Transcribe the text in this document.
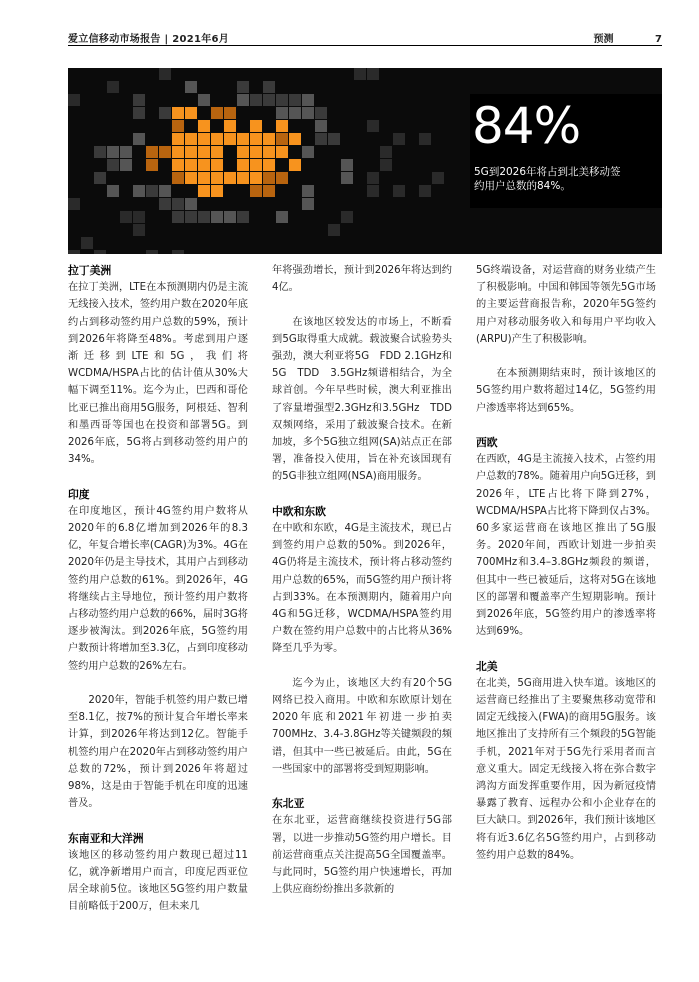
爱立信移动市场报告 | 2021年6月	预测	7
84%
5G到2026年将占到北美移动签约用户总数的84%。
拉丁美洲

在拉丁美洲，LTE在本预测期内仍是主流无线接入技术，签约用户数在2020年底约占到移动签约用户总数的59%，预计到2026年将降至48%。考虑到用户逐渐迁移到LTE和5G，我们将WCDMA/HSPA占比的估计值从30%大幅下调至11%。迄今为止，巴西和哥伦比亚已推出商用5G服务，阿根廷、智利和墨西哥等国也在投资和部署5G。到2026年底，5G将占到移动签约用户的34%。

印度

在印度地区，预计4G签约用户数将从2020年的6.8亿增加到2026年的8.3亿，年复合增长率(CAGR)为3%。4G在2020年仍是主导技术，其用户占到移动签约用户总数的61%。到2026年，4G将继续占主导地位，预计签约用户数将占移动签约用户总数的66%，届时3G将逐步被淘汰。到2026年底，5G签约用户数预计将增加至3.3亿，占到印度移动签约用户总数的26%左右。

2020年，智能手机签约用户数已增至8.1亿，按7%的预计复合年增长率来计算，到2026年将达到12亿。智能手机签约用户在2020年占到移动签约用户总数的72%，预计到2026年将超过98%，这是由于智能手机在印度的迅速普及。

东南亚和大洋洲

该地区的移动签约用户数现已超过11亿，就净新增用户而言，印度尼西亚位居全球前5位。该地区5G签约用户数量目前略低于200万，但未来几

年将强劲增长，预计到2026年将达到约4亿。

在该地区较发达的市场上，不断看到5G取得重大成就。载波聚合试验势头强劲，澳大利亚将5G　FDD 2.1GHz和5G　TDD　3.5GHz频谱相结合，为全球首创。今年早些时候，澳大利亚推出了容量增强型2.3GHz和3.5GHz　TDD双频网络，采用了载波聚合技术。在新加坡，多个5G独立组网(SA)站点正在部署，准备投入使用，旨在补充该国现有的5G非独立组网(NSA)商用服务。

中欧和东欧

在中欧和东欧，4G是主流技术，现已占到签约用户总数的50%。到2026年，4G仍将是主流技术，预计将占移动签约用户总数的65%，而5G签约用户预计将占到33%。在本预测期内，随着用户向4G和5G迁移，WCDMA/HSPA签约用户数在签约用户总数中的占比将从36%降至几乎为零。

迄今为止，该地区大约有20个5G网络已投入商用。中欧和东欧原计划在2020年底和2021年初进一步拍卖700MHz、3.4-3.8GHz等关键频段的频谱，但其中一些已被延后。由此，5G在一些国家中的部署将受到短期影响。

东北亚

在东北亚，运营商继续投资进行5G部署，以进一步推动5G签约用户增长。目前运营商重点关注提高5G全国覆盖率。与此同时，5G签约用户快速增长，再加上供应商纷纷推出多款新的

5G终端设备，对运营商的财务业绩产生了积极影响。中国和韩国等领先5G市场的主要运营商报告称，2020年5G签约用户对移动服务收入和每用户平均收入(ARPU)产生了积极影响。

在本预测期结束时，预计该地区的5G签约用户数将超过14亿，5G签约用户渗透率将达到65%。

西欧

在西欧，4G是主流接入技术，占签约用户总数的78%。随着用户向5G迁移，到2026年，LTE占比将下降到27%，WCDMA/HSPA占比将下降到仅占3%。60多家运营商在该地区推出了5G服务。2020年间，西欧计划进一步拍卖700MHz和3.4–3.8GHz频段的频谱，但其中一些已被延后，这将对5G在该地区的部署和覆盖率产生短期影响。预计到2026年底，5G签约用户的渗透率将达到69%。

北美

在北美，5G商用进入快车道。该地区的运营商已经推出了主要聚焦移动宽带和固定无线接入(FWA)的商用5G服务。该地区推出了支持所有三个频段的5G智能手机，2021年对于5G先行采用者而言意义重大。固定无线接入将在弥合数字鸿沟方面发挥重要作用，因为新冠疫情暴露了教育、远程办公和小企业存在的巨大缺口。到2026年，我们预计该地区将有近3.6亿名5G签约用户，占到移动签约用户总数的84%。
